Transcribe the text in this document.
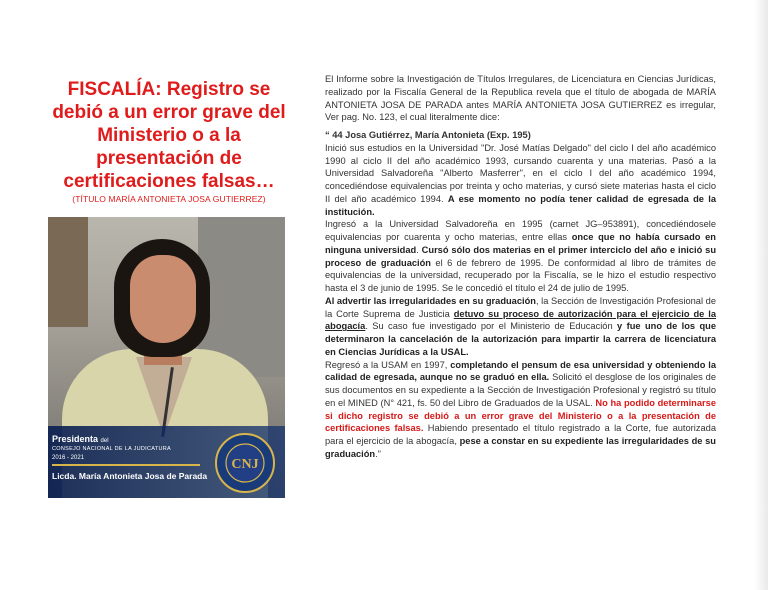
FISCALÍA: Registro se debió a un error grave del Ministerio o a la presentación de certificaciones falsas…
(TÍTULO MARÍA ANTONIETA JOSA GUTIERREZ)
Presidenta del
CONSEJO NACIONAL DE LA JUDICATURA
2016 - 2021
Licda. María Antonieta Josa de Parada
CNJ

El Informe sobre la Investigación de Títulos Irregulares, de Licenciatura en Ciencias Jurídicas, realizado por la Fiscalía General de la Republica revela que el título de abogada de MARÍA ANTONIETA JOSA DE PARADA antes MARÍA ANTONIETA JOSA GUTIERREZ es irregular, Ver pag. No. 123, el cual literalmente dice:

“ 44 Josa Gutiérrez, María Antonieta (Exp. 195)

Inició sus estudios en la Universidad "Dr. José Matías Delgado" del ciclo I del año académico 1990 al ciclo II del año académico 1993, cursando cuarenta y una materias. Pasó a la Universidad Salvadoreña "Alberto Masferrer", en el ciclo I del año académico 1994, concediéndose equivalencias por treinta y ocho materias, y cursó siete materias hasta el ciclo II del año académico 1994. A ese momento no podía tener calidad de egresada de la institución.

Ingresó a la Universidad Salvadoreña en 1995 (carnet JG–953891), concediéndosele equivalencias por cuarenta y ocho materias, entre ellas once que no había cursado en ninguna universidad. Cursó sólo dos materias en el primer interciclo del año e inició su proceso de graduación el 6 de febrero de 1995. De conformidad al libro de trámites de equivalencias de la universidad, recuperado por la Fiscalía, se le hizo el estudio respectivo hasta el 3 de junio de 1995. Se le concedió el título el 24 de julio de 1995.

Al advertir las irregularidades en su graduación, la Sección de Investigación Profesional de la Corte Suprema de Justicia detuvo su proceso de autorización para el ejercicio de la abogacía. Su caso fue investigado por el Ministerio de Educación y fue uno de los que determinaron la cancelación de la autorización para impartir la carrera de licenciatura en Ciencias Jurídicas a la USAL.

Regresó a la USAM en 1997, completando el pensum de esa universidad y obteniendo la calidad de egresada, aunque no se graduó en ella. Solicitó el desglose de los originales de sus documentos en su expediente a la Sección de Investigación Profesional y registró su título en el MINED (N° 421, fs. 50 del Libro de Graduados de la USAL. No ha podido determinarse si dicho registro se debió a un error grave del Ministerio o a la presentación de certificaciones falsas. Habiendo presentado el título registrado a la Corte, fue autorizada para el ejercicio de la abogacía, pese a constar en su expediente las irregularidades de su graduación.”
